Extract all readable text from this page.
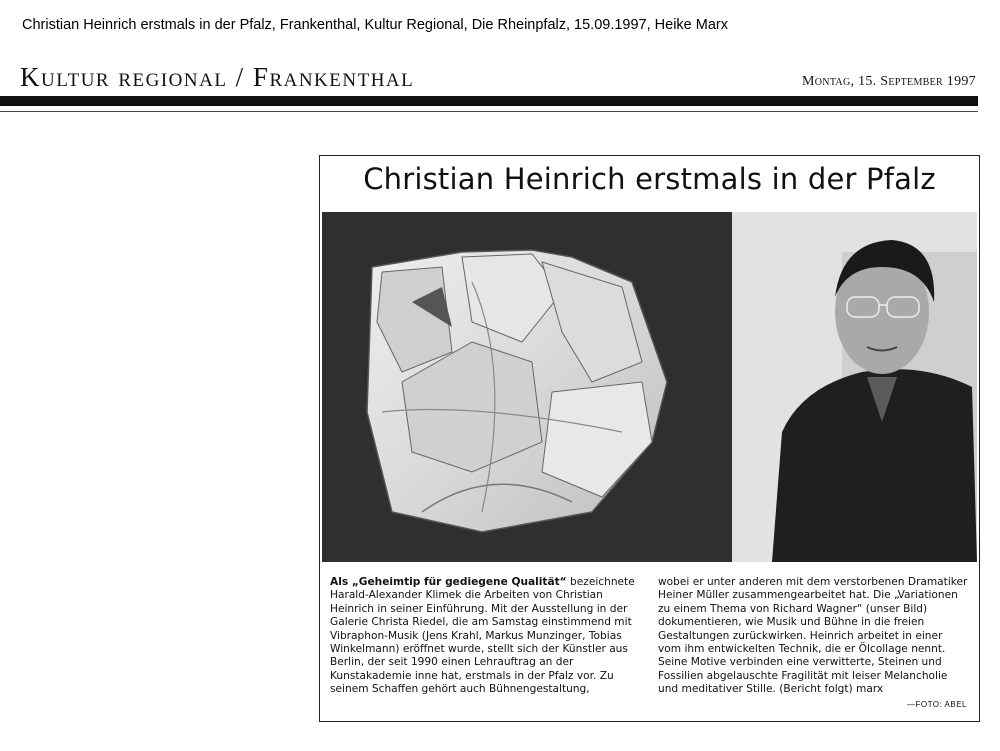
Christian Heinrich erstmals in der Pfalz, Frankenthal, Kultur Regional, Die Rheinpfalz, 15.09.1997, Heike Marx
Kultur regional / Frankenthal	Montag, 15. September 1997
Christian Heinrich erstmals in der Pfalz

Als „Geheimtip für gediegene Qualität“ bezeichnete Harald-Alexander Klimek die Arbeiten von Christian Heinrich in seiner Einführung. Mit der Ausstellung in der Galerie Christa Riedel, die am Samstag einstimmend mit Vibraphon-Musik (Jens Krahl, Markus Munzinger, Tobias Winkelmann) eröffnet wurde, stellt sich der Künstler aus Berlin, der seit 1990 einen Lehrauftrag an der Kunstakademie inne hat, erstmals in der Pfalz vor. Zu seinem Schaffen gehört auch Bühnengestaltung,

wobei er unter anderen mit dem verstorbenen Dramatiker Heiner Müller zusammengearbeitet hat. Die „Variationen zu einem Thema von Richard Wagner“ (unser Bild) dokumentieren, wie Musik und Bühne in die freien Gestaltungen zurückwirken. Heinrich arbeitet in einer vom ihm entwickelten Technik, die er Ölcollage nennt. Seine Motive verbinden eine verwitterte, Steinen und Fossilien abgelauschte Fragilität mit leiser Melancholie und meditativer Stille. (Bericht folgt) marx

—FOTO: ABEL
